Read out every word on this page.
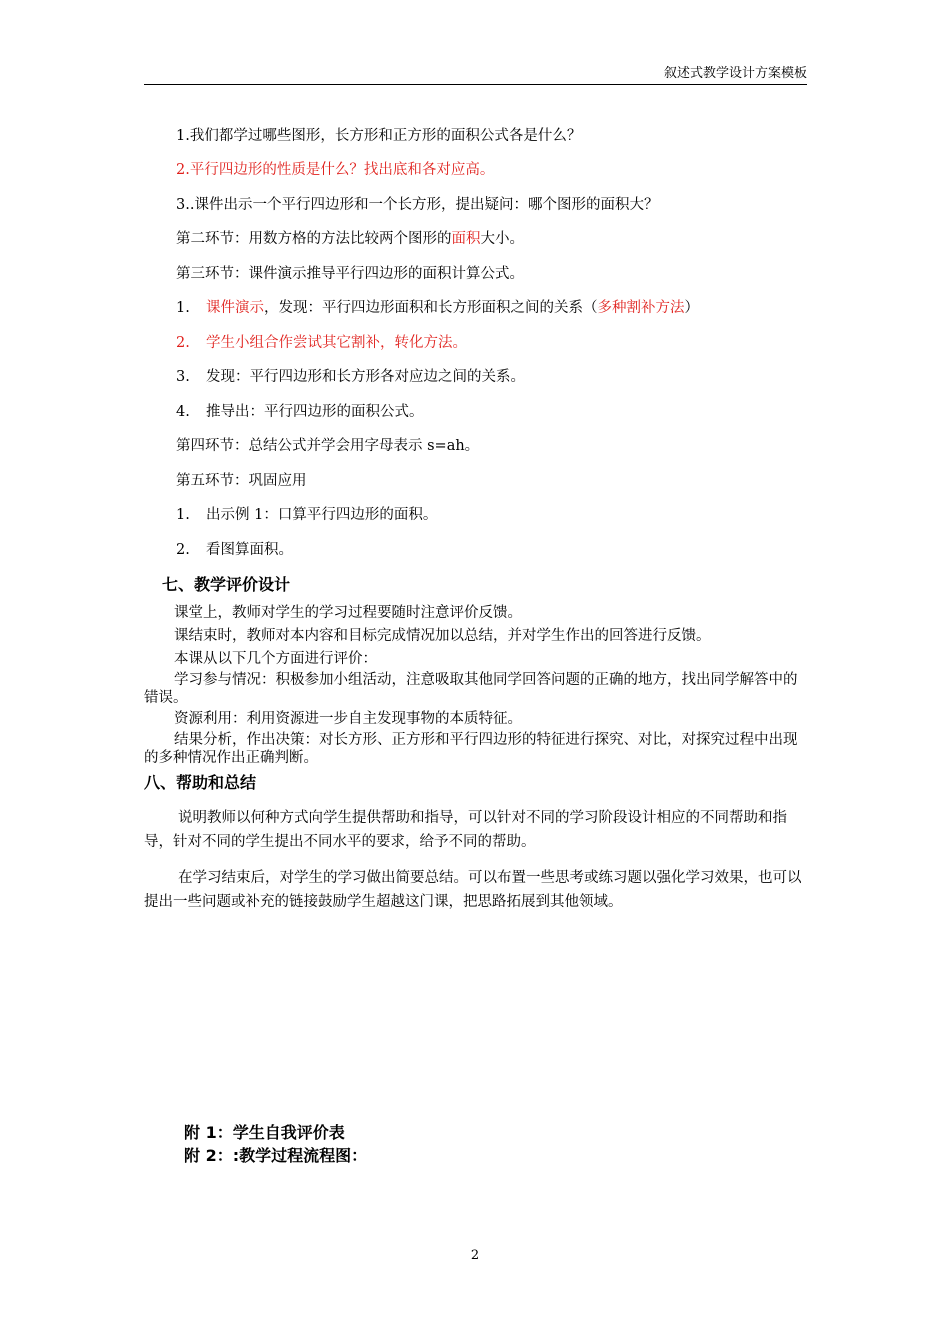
叙述式教学设计方案模板
1.我们都学过哪些图形，长方形和正方形的面积公式各是什么？
2.平行四边形的性质是什么？找出底和各对应高。
3..课件出示一个平行四边形和一个长方形，提出疑问：哪个图形的面积大？
第二环节：用数方格的方法比较两个图形的面积大小。
第三环节：课件演示推导平行四边形的面积计算公式。
1. 课件演示，发现：平行四边形面积和长方形面积之间的关系（多种割补方法）
2. 学生小组合作尝试其它割补，转化方法。
3. 发现：平行四边形和长方形各对应边之间的关系。
4. 推导出：平行四边形的面积公式。
第四环节：总结公式并学会用字母表示 s=ah。
第五环节：巩固应用
1. 出示例 1：口算平行四边形的面积。
2. 看图算面积。
七、教学评价设计
课堂上，教师对学生的学习过程要随时注意评价反馈。
课结束时，教师对本内容和目标完成情况加以总结，并对学生作出的回答进行反馈。
本课从以下几个方面进行评价：
学习参与情况：积极参加小组活动，注意吸取其他同学回答问题的正确的地方，找出同学解答中的错误。
资源利用：利用资源进一步自主发现事物的本质特征。
结果分析，作出决策：对长方形、正方形和平行四边形的特征进行探究、对比，对探究过程中出现的多种情况作出正确判断。
八、帮助和总结
说明教师以何种方式向学生提供帮助和指导，可以针对不同的学习阶段设计相应的不同帮助和指导，针对不同的学生提出不同水平的要求，给予不同的帮助。
在学习结束后，对学生的学习做出简要总结。可以布置一些思考或练习题以强化学习效果，也可以提出一些问题或补充的链接鼓励学生超越这门课，把思路拓展到其他领域。
附 1：学生自我评价表
附 2：:教学过程流程图：
2
